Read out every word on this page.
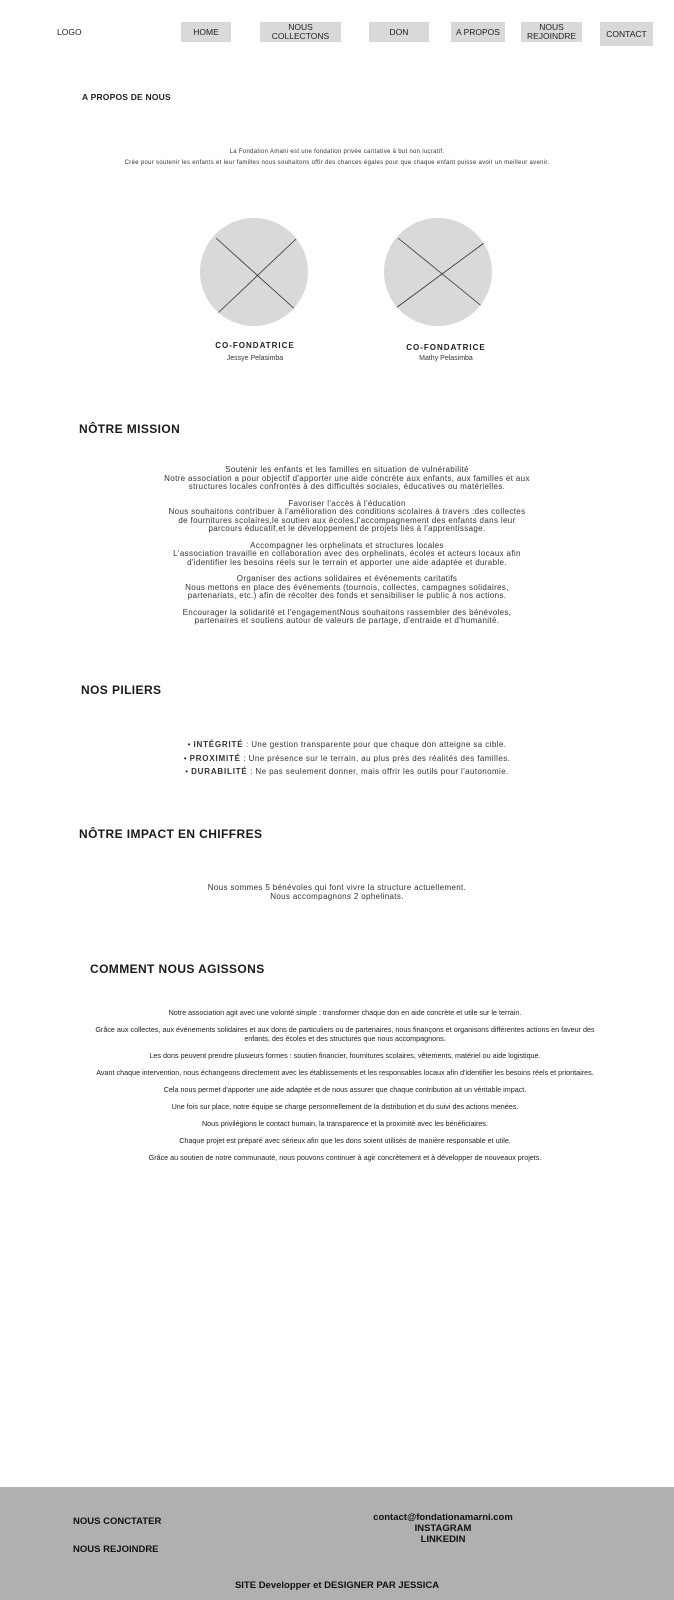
LOGO	HOME	NOUS COLLECTONS	DON	A PROPOS	NOUS
REJOINDRE	CONTACT
A PROPOS DE NOUS

La Fondation Amani est une fondation privée caritative à but non lucratif.

Crée pour soutenir les enfants et leur familles nous souhaitons offir des chances égales pour que chaque enfant puisse avoir un meilleur avenir.

CO-FONDATRICE
Jessye Pelasimba
CO-FONDATRICE
Mathy Pelasimba
NÔTRE MISSION
Soutenir les enfants et les familles en situation de vulnérabilité
Notre association a pour objectif d'apporter une aide concrète aux enfants, aux familles et aux
structures locales confrontés à des difficultés sociales, éducatives ou matérielles.
Favoriser l'accès à l'éducation
Nous souhaitons contribuer à l'amélioration des conditions scolaires à travers :des collectes
de fournitures scolaires,le soutien aux écoles,l'accompagnement des enfants dans leur
parcours éducatif,et le développement de projets liés à l'apprentissage.
Accompagner les orphelinats et structures locales
L'association travaille en collaboration avec des orphelinats, écoles et acteurs locaux afin
d'identifier les besoins réels sur le terrain et apporter une aide adaptée et durable.
Organiser des actions solidaires et événements caritatifs
Nous mettons en place des événements (tournois, collectes, campagnes solidaires,
partenariats, etc.) afin de récolter des fonds et sensibiliser le public à nos actions.
Encourager la solidarité et l'engagementNous souhaitons rassembler des bénévoles,
partenaires et soutiens autour de valeurs de partage, d'entraide et d'humanité.
NOS PILIERS
• INTÉGRITÉ : Une gestion transparente pour que chaque don atteigne sa cible.
• PROXIMITÉ : Une présence sur le terrain, au plus près des réalités des familles.
• DURABILITÉ : Ne pas seulement donner, mais offrir les outils pour l'autonomie.
NÔTRE IMPACT EN CHIFFRES
Nous sommes 5 bénévoles qui font vivre la structure actuellement.
Nous accompagnons 2 ophelinats.
COMMENT NOUS AGISSONS

Notre association agit avec une volonté simple : transformer chaque don en aide concrète et utile sur le terrain.

Grâce aux collectes, aux événements solidaires et aux dons de particuliers ou de partenaires, nous finançons et organisons différentes actions en faveur des enfants, des écoles et des structures que nous accompagnons.

Les dons peuvent prendre plusieurs formes : soutien financier, fournitures scolaires, vêtements, matériel ou aide logistique.

Avant chaque intervention, nous échangeons directement avec les établissements et les responsables locaux afin d'identifier les besoins réels et prioritaires.

Cela nous permet d'apporter une aide adaptée et de nous assurer que chaque contribution ait un véritable impact.

Une fois sur place, notre équipe se charge personnellement de la distribution et du suivi des actions menées.

Nous privilégions le contact humain, la transparence et la proximité avec les bénéficiaires.

Chaque projet est préparé avec sérieux afin que les dons soient utilisés de manière responsable et utile.

Grâce au soutien de notre communauté, nous pouvons continuer à agir concrètement et à développer de nouveaux projets.

NOUS CONCTATER
NOUS REJOINDRE
contact@fondationamarni.com
INSTAGRAM
LINKEDIN
SITE Developper et DESIGNER PAR JESSICA
